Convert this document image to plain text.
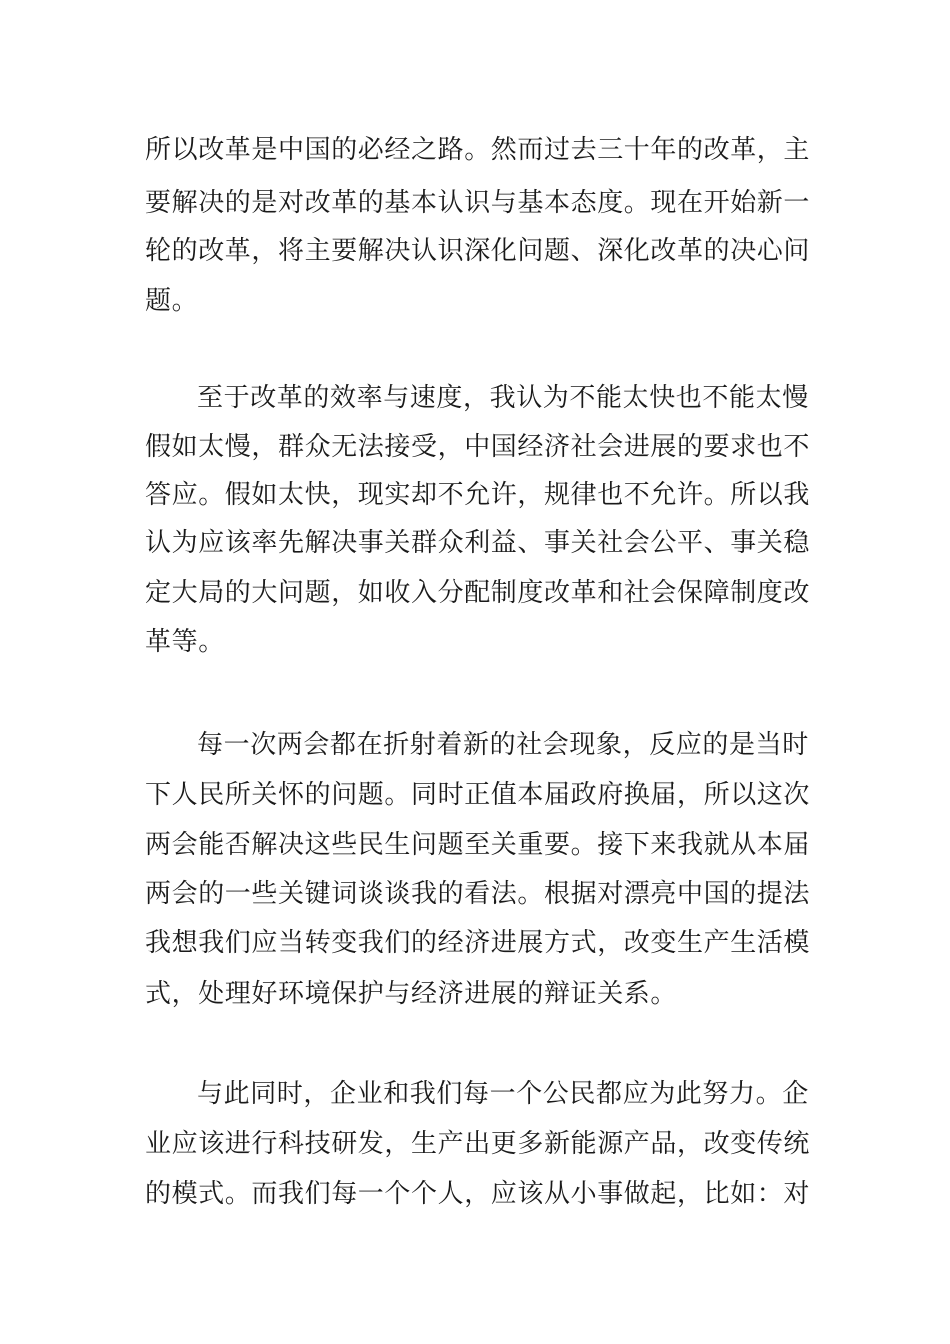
所以改革是中国的必经之路。然而过去三十年的改革，主
要解决的是对改革的基本认识与基本态度。现在开始新一
轮的改革，将主要解决认识深化问题、深化改革的决心问
题。
至于改革的效率与速度，我认为不能太快也不能太慢
假如太慢，群众无法接受，中国经济社会进展的要求也不
答应。假如太快，现实却不允许，规律也不允许。所以我
认为应该率先解决事关群众利益、事关社会公平、事关稳
定大局的大问题，如收入分配制度改革和社会保障制度改
革等。
每一次两会都在折射着新的社会现象，反应的是当时
下人民所关怀的问题。同时正值本届政府换届，所以这次
两会能否解决这些民生问题至关重要。接下来我就从本届
两会的一些关键词谈谈我的看法。根据对漂亮中国的提法
我想我们应当转变我们的经济进展方式，改变生产生活模
式，处理好环境保护与经济进展的辩证关系。
与此同时，企业和我们每一个公民都应为此努力。企
业应该进行科技研发，生产出更多新能源产品，改变传统
的模式。而我们每一个个人，应该从小事做起，比如：对
